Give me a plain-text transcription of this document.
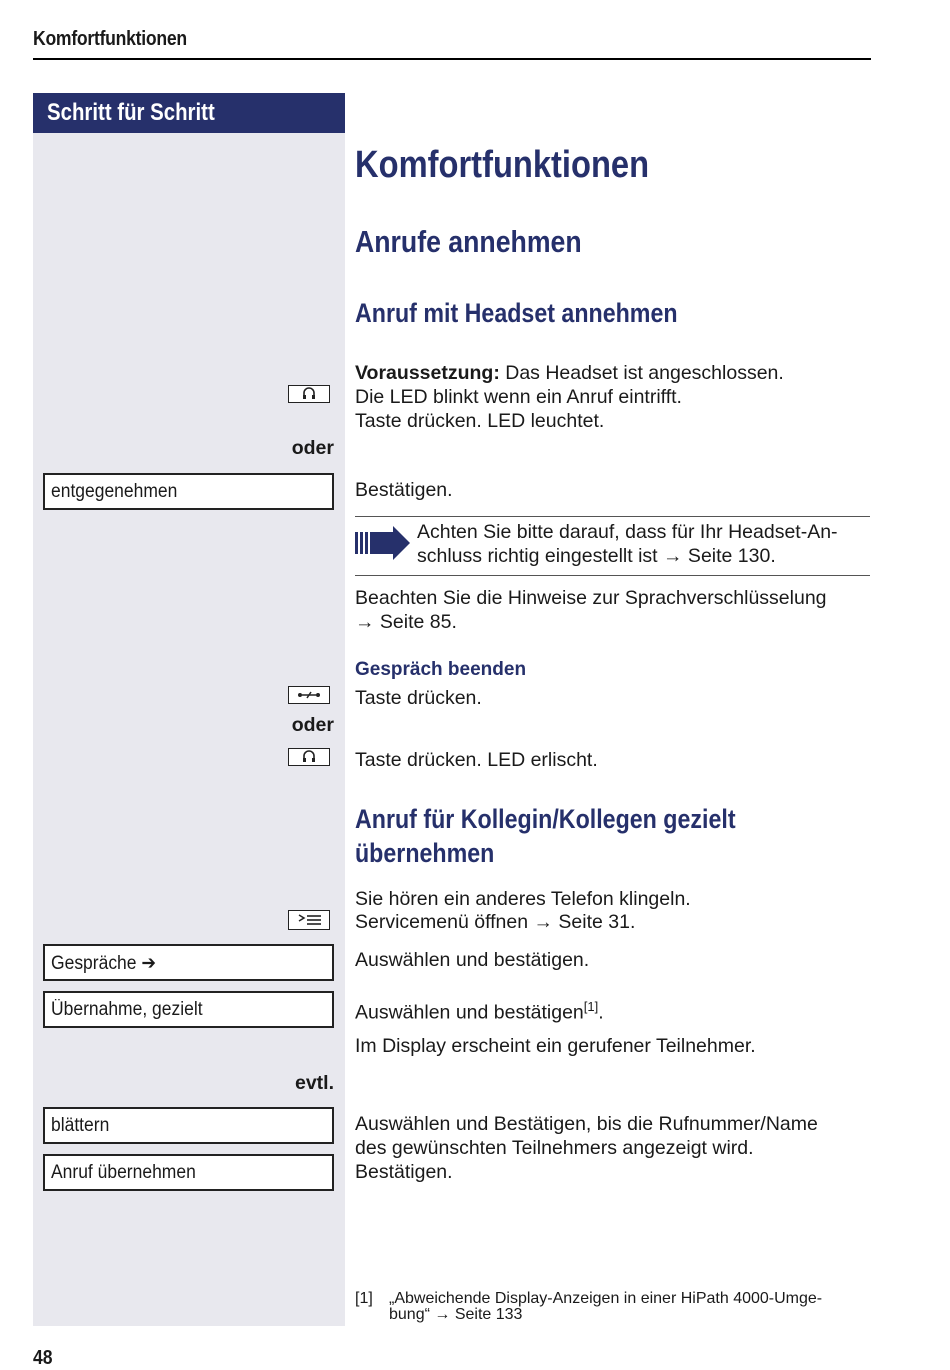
Komfortfunktionen
Schritt für Schritt
Komfortfunktionen
Anrufe annehmen
Anruf mit Headset annehmen
Voraussetzung: Das Headset ist angeschlossen.
Die LED blinkt wenn ein Anruf eintrifft.
Taste drücken. LED leuchtet.
oder
entgegenehmen	Bestätigen.
Achten Sie bitte darauf, dass für Ihr Headset-An-
schluss richtig eingestellt ist → Seite 130.
Beachten Sie die Hinweise zur Sprachverschlüsselung
→ Seite 85.
Gespräch beenden
Taste drücken.
oder
Taste drücken. LED erlischt.
Anruf für Kollegin/Kollegen gezielt
übernehmen
Sie hören ein anderes Telefon klingeln.
Servicemenü öffnen → Seite 31.
Gespräche ➔	Auswählen und bestätigen.
Übernahme, gezielt	Auswählen und bestätigen[1].
Im Display erscheint ein gerufener Teilnehmer.
evtl.
blättern	Auswählen und Bestätigen, bis die Rufnummer/Name
des gewünschten Teilnehmers angezeigt wird.
Anruf übernehmen	Bestätigen.
[1] „Abweichende Display-Anzeigen in einer HiPath 4000-Umge-
bung“ → Seite 133
48
